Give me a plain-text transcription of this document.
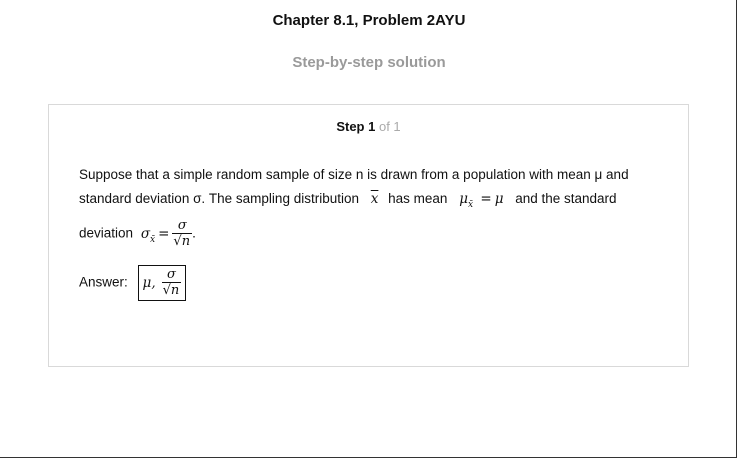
Chapter 8.1, Problem 2AYU
Step-by-step solution
Step 1 of 1
Suppose that a simple random sample of size n is drawn from a population with mean μ and
standard deviation σ. The sampling distribution $\overline{x}$ has mean $\mu_{x̄} = \mu$ and the standard
deviation $\sigma_{x̄} = \frac{\sigma}{√n}$ .
Answer: μ, $\frac{\sigma}{√n}$
